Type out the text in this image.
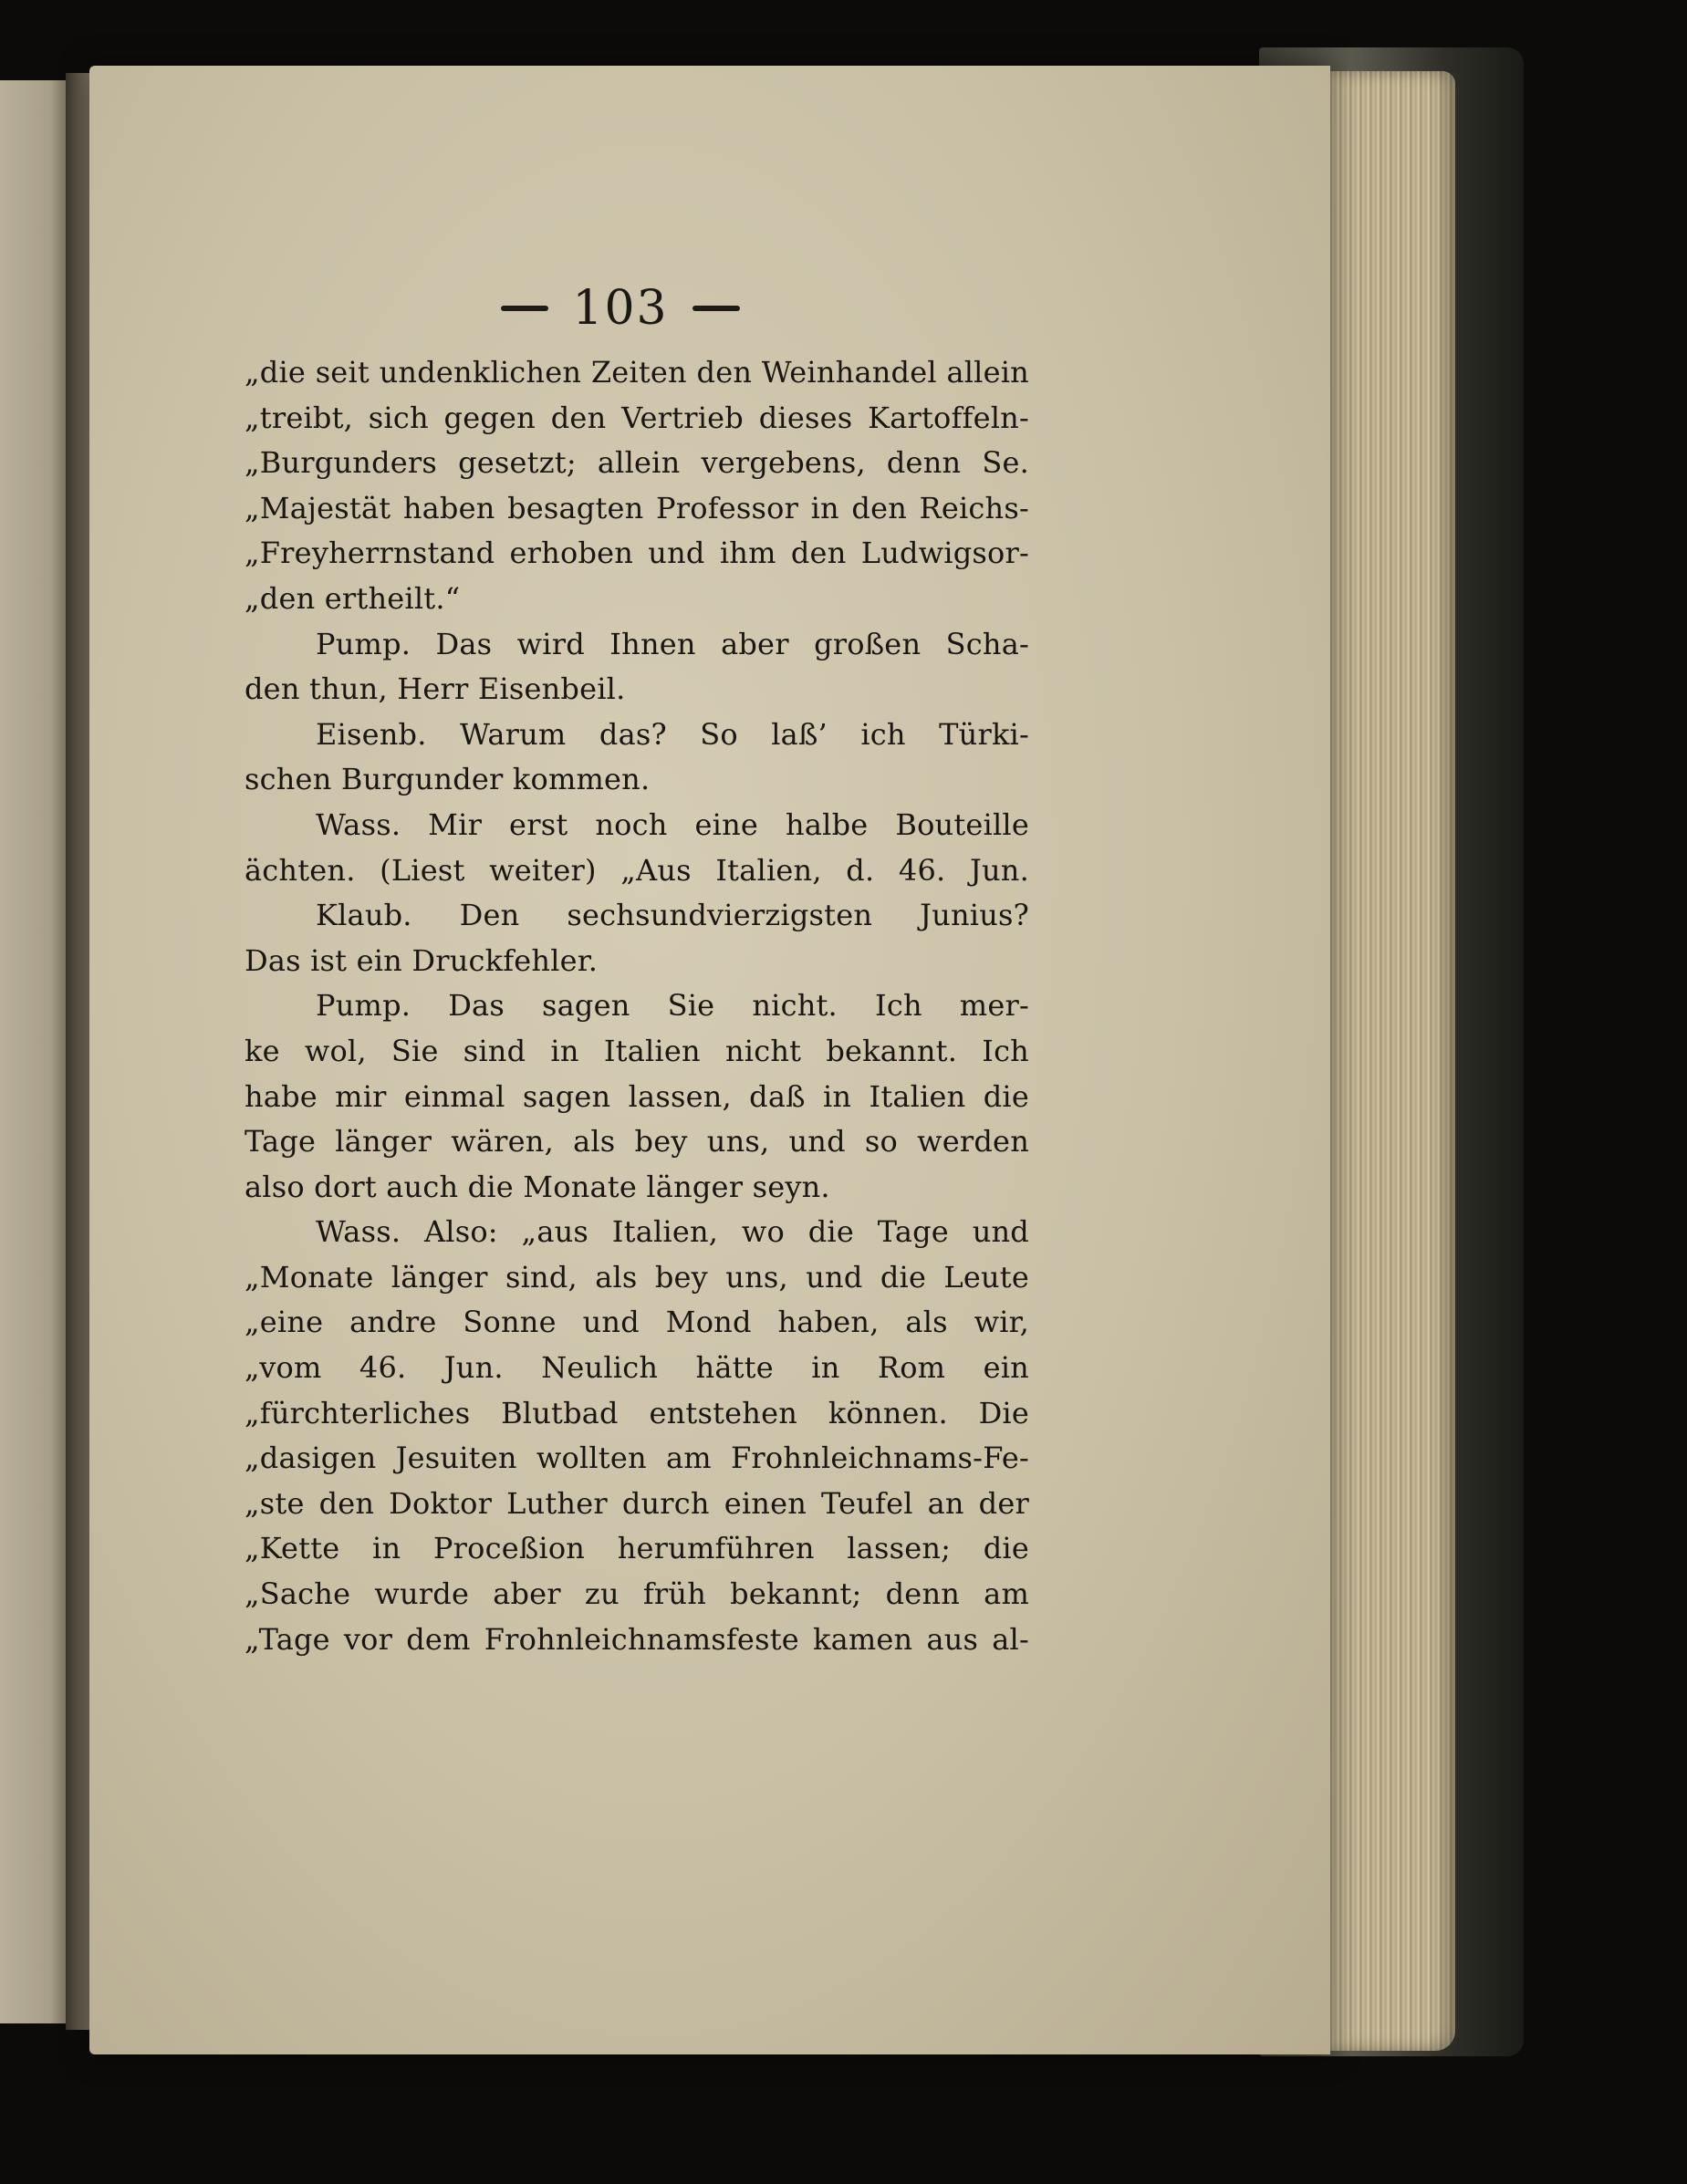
103
„die seit undenklichen Zeiten den Weinhandel allein
„treibt, sich gegen den Vertrieb dieses Kartoffeln-
„Burgunders gesetzt; allein vergebens, denn Se.
„Majestät haben besagten Professor in den Reichs-
„Freyherrnstand erhoben und ihm den Ludwigsor-
„den ertheilt.“
Pump. Das wird Ihnen aber großen Scha-
den thun, Herr Eisenbeil.
Eisenb. Warum das? So laß’ ich Türki-
schen Burgunder kommen.
Wass. Mir erst noch eine halbe Bouteille
ächten. (Liest weiter) „Aus Italien, d. 46. Jun.
Klaub. Den sechsundvierzigsten Junius?
Das ist ein Druckfehler.
Pump. Das sagen Sie nicht. Ich mer-
ke wol, Sie sind in Italien nicht bekannt. Ich
habe mir einmal sagen lassen, daß in Italien die
Tage länger wären, als bey uns, und so werden
also dort auch die Monate länger seyn.
Wass. Also: „aus Italien, wo die Tage und
„Monate länger sind, als bey uns, und die Leute
„eine andre Sonne und Mond haben, als wir,
„vom 46. Jun. Neulich hätte in Rom ein
„fürchterliches Blutbad entstehen können. Die
„dasigen Jesuiten wollten am Frohnleichnams-Fe-
„ste den Doktor Luther durch einen Teufel an der
„Kette in Proceßion herumführen lassen; die
„Sache wurde aber zu früh bekannt; denn am
„Tage vor dem Frohnleichnamsfeste kamen aus al-
